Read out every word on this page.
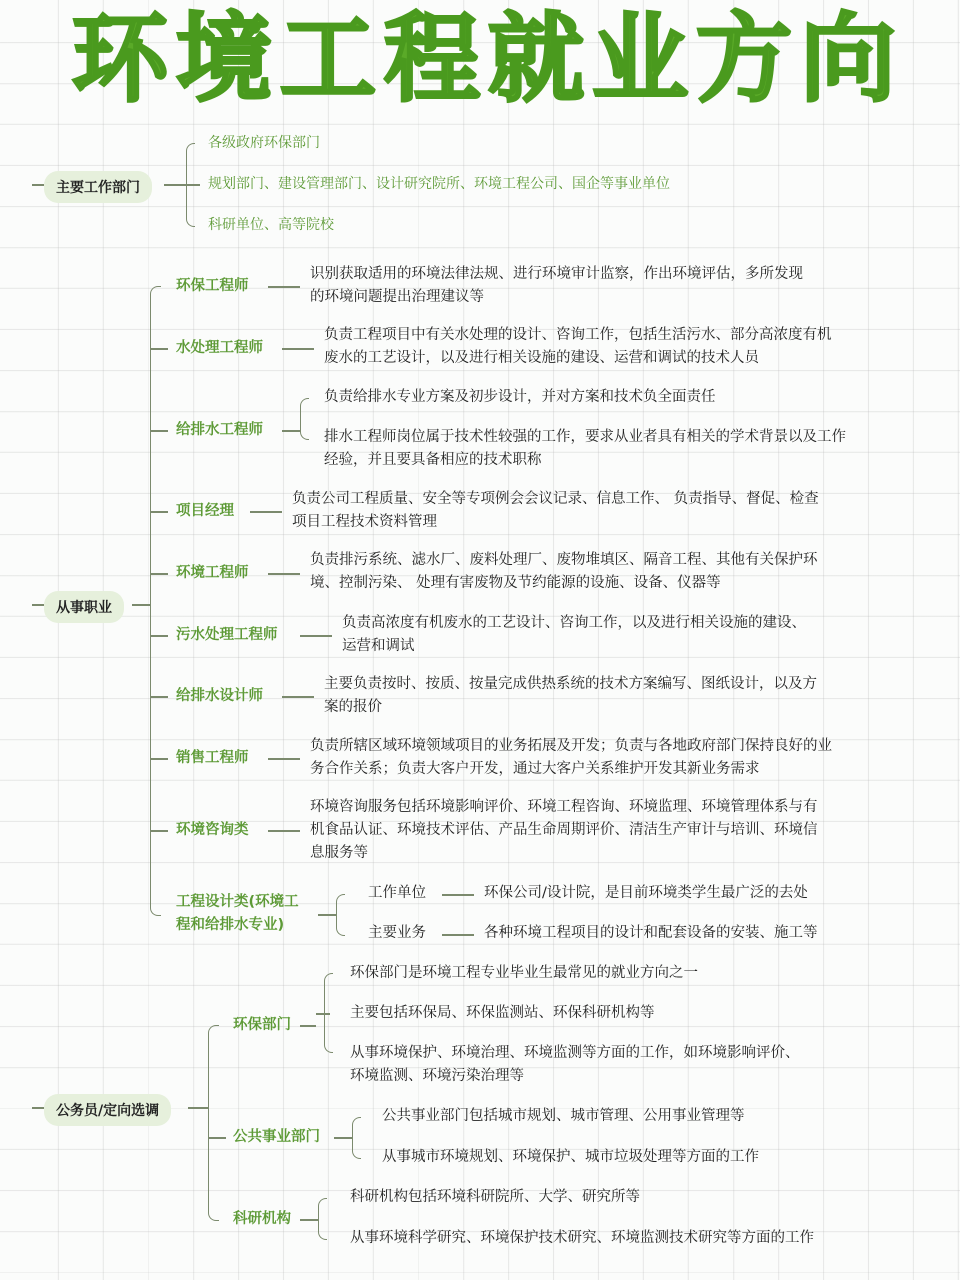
环境工程就业方向
主要工作部门
各级政府环保部门
规划部门、建设管理部门、设计研究院所、环境工程公司、国企等事业单位
科研单位、高等院校
从事职业
环保工程师
识别获取适用的环境法律法规、进行环境审计监察，作出环境评估，多所发现
的环境问题提出治理建议等
水处理工程师
负责工程项目中有关水处理的设计、咨询工作，包括生活污水、部分高浓度有机
废水的工艺设计，以及进行相关设施的建设、运营和调试的技术人员
给排水工程师
负责给排水专业方案及初步设计，并对方案和技术负全面责任
排水工程师岗位属于技术性较强的工作，要求从业者具有相关的学术背景以及工作
经验，并且要具备相应的技术职称
项目经理
负责公司工程质量、安全等专项例会会议记录、信息工作、 负责指导、督促、检查
项目工程技术资料管理
环境工程师
负责排污系统、滤水厂、废料处理厂、废物堆填区、隔音工程、其他有关保护环
境、控制污染、 处理有害废物及节约能源的设施、设备、仪器等
污水处理工程师
负责高浓度有机废水的工艺设计、咨询工作，以及进行相关设施的建设、
运营和调试
给排水设计师
主要负责按时、按质、按量完成供热系统的技术方案编写、图纸设计，以及方
案的报价
销售工程师
负责所辖区域环境领域项目的业务拓展及开发；负责与各地政府部门保持良好的业
务合作关系；负责大客户开发，通过大客户关系维护开发其新业务需求
环境咨询类
环境咨询服务包括环境影响评价、环境工程咨询、环境监理、环境管理体系与有
机食品认证、环境技术评估、产品生命周期评价、清洁生产审计与培训、环境信
息服务等
工程设计类(环境工
程和给排水专业)
工作单位	环保公司/设计院，是目前环境类学生最广泛的去处
主要业务	各种环境工程项目的设计和配套设备的安装、施工等
公务员/定向选调
环保部门
环保部门是环境工程专业毕业生最常见的就业方向之一
主要包括环保局、环保监测站、环保科研机构等
从事环境保护、环境治理、环境监测等方面的工作，如环境影响评价、
环境监测、环境污染治理等
公共事业部门
公共事业部门包括城市规划、城市管理、公用事业管理等
从事城市环境规划、环境保护、城市垃圾处理等方面的工作
科研机构
科研机构包括环境科研院所、大学、研究所等
从事环境科学研究、环境保护技术研究、环境监测技术研究等方面的工作
